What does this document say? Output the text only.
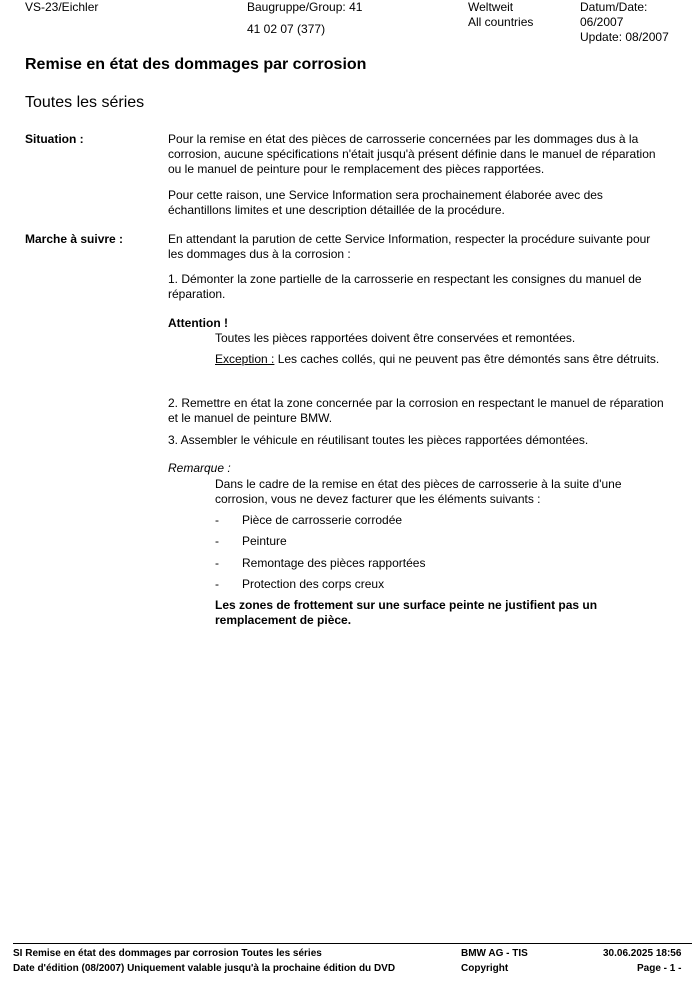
VS-23/Eichler	Baugruppe/Group: 41
41 02 07 (377)
Weltweit
All countries
Datum/Date:
06/2007
Update: 08/2007
Remise en état des dommages par corrosion
Toutes les séries
Situation :	Pour la remise en état des pièces de carrosserie concernées par les dommages dus à la corrosion, aucune spécifications n'était jusqu'à présent définie dans le manuel de réparation ou le manuel de peinture pour le remplacement des pièces rapportées.
Pour cette raison, une Service Information sera prochainement élaborée avec des échantillons limites et une description détaillée de la procédure.
Marche à suivre :	En attendant la parution de cette Service Information, respecter la procédure suivante pour les dommages dus à la corrosion :
1. Démonter la zone partielle de la carrosserie en respectant les consignes du manuel de réparation.
Attention !
Toutes les pièces rapportées doivent être conservées et remontées.
Exception : Les caches collés, qui ne peuvent pas être démontés sans être détruits.
2. Remettre en état la zone concernée par la corrosion en respectant le manuel de réparation et le manuel de peinture BMW.
3. Assembler le véhicule en réutilisant toutes les pièces rapportées démontées.
Remarque :
Dans le cadre de la remise en état des pièces de carrosserie à la suite d'une corrosion, vous ne devez facturer que les éléments suivants :
- Pièce de carrosserie corrodée
- Peinture
- Remontage des pièces rapportées
- Protection des corps creux
Les zones de frottement sur une surface peinte ne justifient pas un remplacement de pièce.
SI Remise en état des dommages par corrosion Toutes les séries
Date d'édition (08/2007) Uniquement valable jusqu'à la prochaine édition du DVD
BMW AG - TIS
Copyright
30.06.2025 18:56
Page - 1 -
